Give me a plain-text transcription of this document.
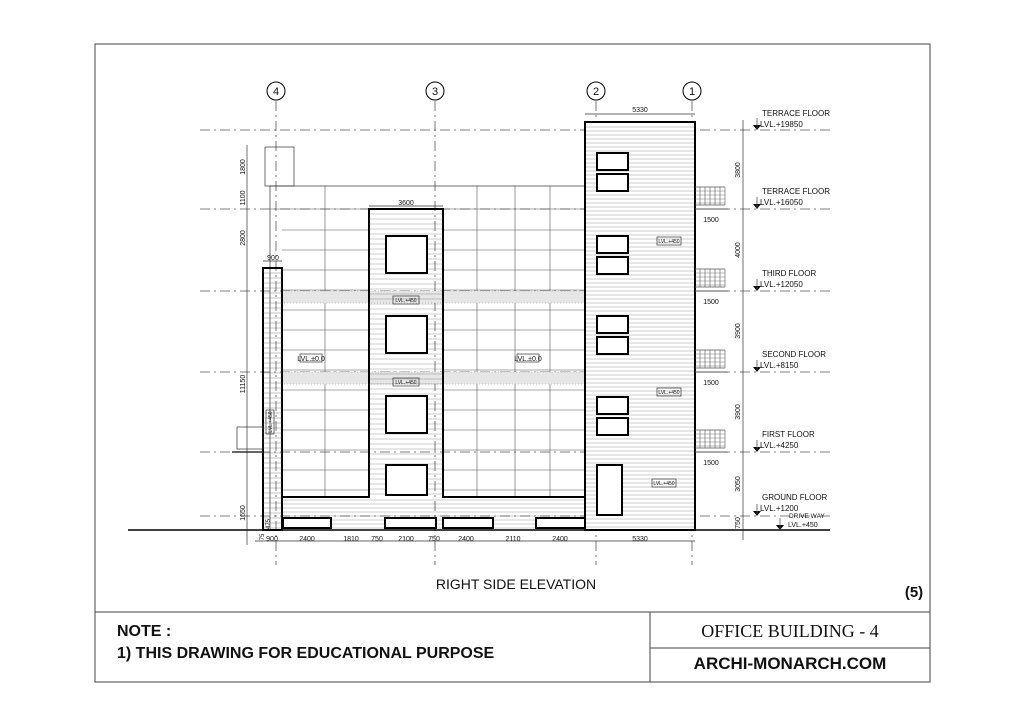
4	3	2	1
LVL.±0.0	LVL.±0.0
LVL.+450
LVL.+450
LVL.+450
LVL.+450
LVL.+450
LVL.+450
TERRACE FLOOR
LVL.+19850
TERRACE FLOOR
LVL.+16050
THIRD FLOOR
LVL.+12050
SECOND FLOOR
LVL.+8150
FIRST FLOOR
LVL.+4250
GROUND FLOOR
LVL.+1200
DRIVE WAY
LVL.+450
3800
4000
3900
3900
3050
750
1800
1100
2800
11150
1650
475
75
5330
3600
900
1500
1500
1500
1500
900	2400	1810 750 2100 750	2400	2110	2400	5330
RIGHT SIDE ELEVATION	(5)
NOTE :
1) THIS DRAWING FOR EDUCATIONAL PURPOSE
OFFICE BUILDING - 4
ARCHI-MONARCH.COM
